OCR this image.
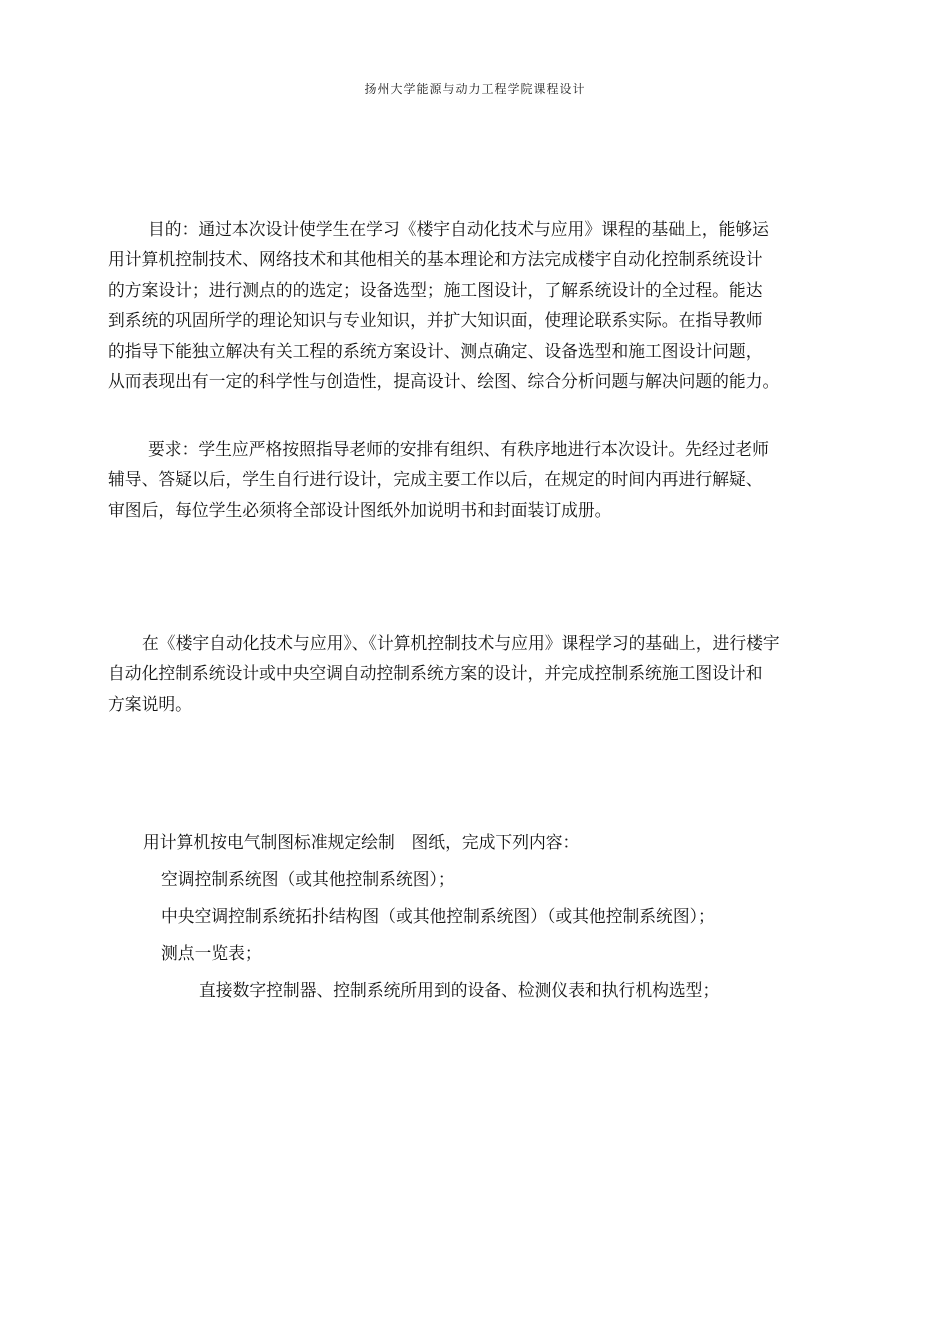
扬州大学能源与动力工程学院课程设计

目的：通过本次设计使学生在学习《楼宇自动化技术与应用》课程的基础上，能够运
用计算机控制技术、网络技术和其他相关的基本理论和方法完成楼宇自动化控制系统设计
的方案设计；进行测点的的选定；设备选型；施工图设计，了解系统设计的全过程。能达
到系统的巩固所学的理论知识与专业知识，并扩大知识面，使理论联系实际。在指导教师
的指导下能独立解决有关工程的系统方案设计、测点确定、设备选型和施工图设计问题，
从而表现出有一定的科学性与创造性，提高设计、绘图、综合分析问题与解决问题的能力。

要求：学生应严格按照指导老师的安排有组织、有秩序地进行本次设计。先经过老师
辅导、答疑以后，学生自行进行设计，完成主要工作以后，在规定的时间内再进行解疑、
审图后，每位学生必须将全部设计图纸外加说明书和封面装订成册。

在《楼宇自动化技术与应用》、《计算机控制技术与应用》课程学习的基础上，进行楼宇
自动化控制系统设计或中央空调自动控制系统方案的设计，并完成控制系统施工图设计和
方案说明。

用计算机按电气制图标准规定绘制　图纸，完成下列内容：
空调控制系统图（或其他控制系统图）；
中央空调控制系统拓扑结构图（或其他控制系统图）（或其他控制系统图）；
测点一览表；
直接数字控制器、控制系统所用到的设备、检测仪表和执行机构选型；
